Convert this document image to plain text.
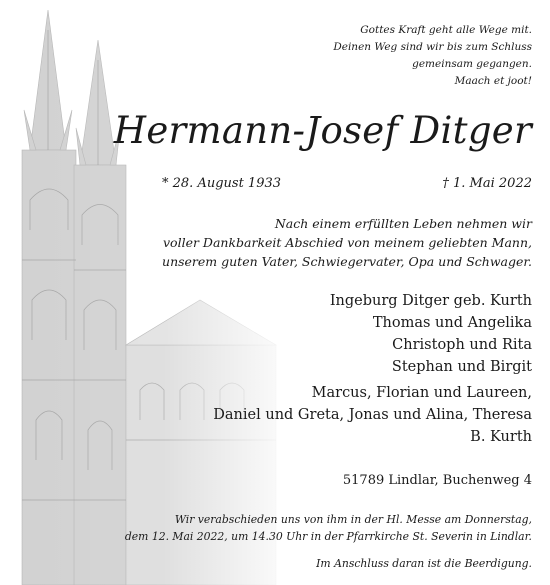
Gottes Kraft geht alle Wege mit.
Deinen Weg sind wir bis zum Schluss
gemeinsam gegangen.
Maach et joot!
Hermann-Josef Ditger
* 28. August 1933	† 1. Mai 2022
Nach einem erfüllten Leben nehmen wir
voller Dankbarkeit Abschied von meinem geliebten Mann,
unserem guten Vater, Schwiegervater, Opa und Schwager.
Ingeburg Ditger geb. Kurth
Thomas und Angelika
Christoph und Rita
Stephan und Birgit
Marcus, Florian und Laureen,
Daniel und Greta, Jonas und Alina, Theresa
B. Kurth
51789 Lindlar, Buchenweg 4
Wir verabschieden uns von ihm in der Hl. Messe am Donnerstag,
dem 12. Mai 2022, um 14.30 Uhr in der Pfarrkirche St. Severin in Lindlar.
Im Anschluss daran ist die Beerdigung.
